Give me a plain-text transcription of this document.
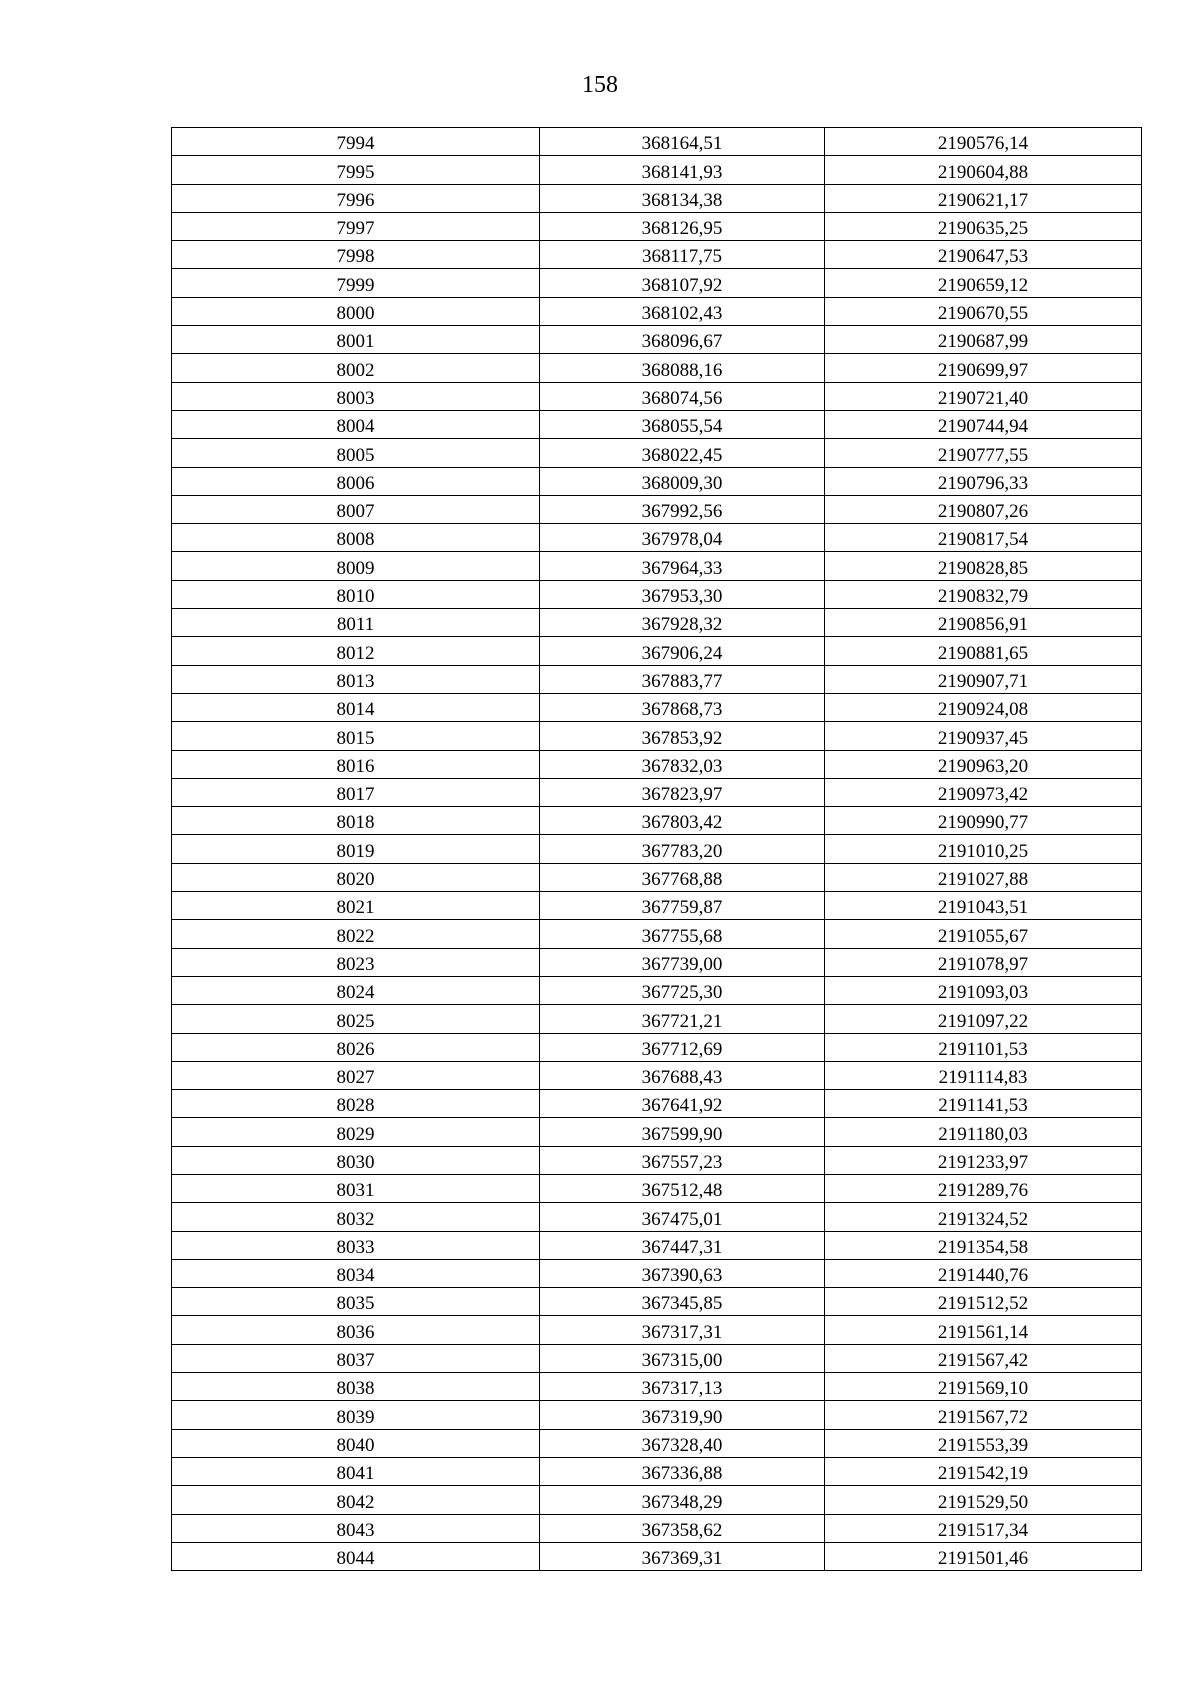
158
7994	368164,51	2190576,14
7995	368141,93	2190604,88
7996	368134,38	2190621,17
7997	368126,95	2190635,25
7998	368117,75	2190647,53
7999	368107,92	2190659,12
8000	368102,43	2190670,55
8001	368096,67	2190687,99
8002	368088,16	2190699,97
8003	368074,56	2190721,40
8004	368055,54	2190744,94
8005	368022,45	2190777,55
8006	368009,30	2190796,33
8007	367992,56	2190807,26
8008	367978,04	2190817,54
8009	367964,33	2190828,85
8010	367953,30	2190832,79
8011	367928,32	2190856,91
8012	367906,24	2190881,65
8013	367883,77	2190907,71
8014	367868,73	2190924,08
8015	367853,92	2190937,45
8016	367832,03	2190963,20
8017	367823,97	2190973,42
8018	367803,42	2190990,77
8019	367783,20	2191010,25
8020	367768,88	2191027,88
8021	367759,87	2191043,51
8022	367755,68	2191055,67
8023	367739,00	2191078,97
8024	367725,30	2191093,03
8025	367721,21	2191097,22
8026	367712,69	2191101,53
8027	367688,43	2191114,83
8028	367641,92	2191141,53
8029	367599,90	2191180,03
8030	367557,23	2191233,97
8031	367512,48	2191289,76
8032	367475,01	2191324,52
8033	367447,31	2191354,58
8034	367390,63	2191440,76
8035	367345,85	2191512,52
8036	367317,31	2191561,14
8037	367315,00	2191567,42
8038	367317,13	2191569,10
8039	367319,90	2191567,72
8040	367328,40	2191553,39
8041	367336,88	2191542,19
8042	367348,29	2191529,50
8043	367358,62	2191517,34
8044	367369,31	2191501,46
